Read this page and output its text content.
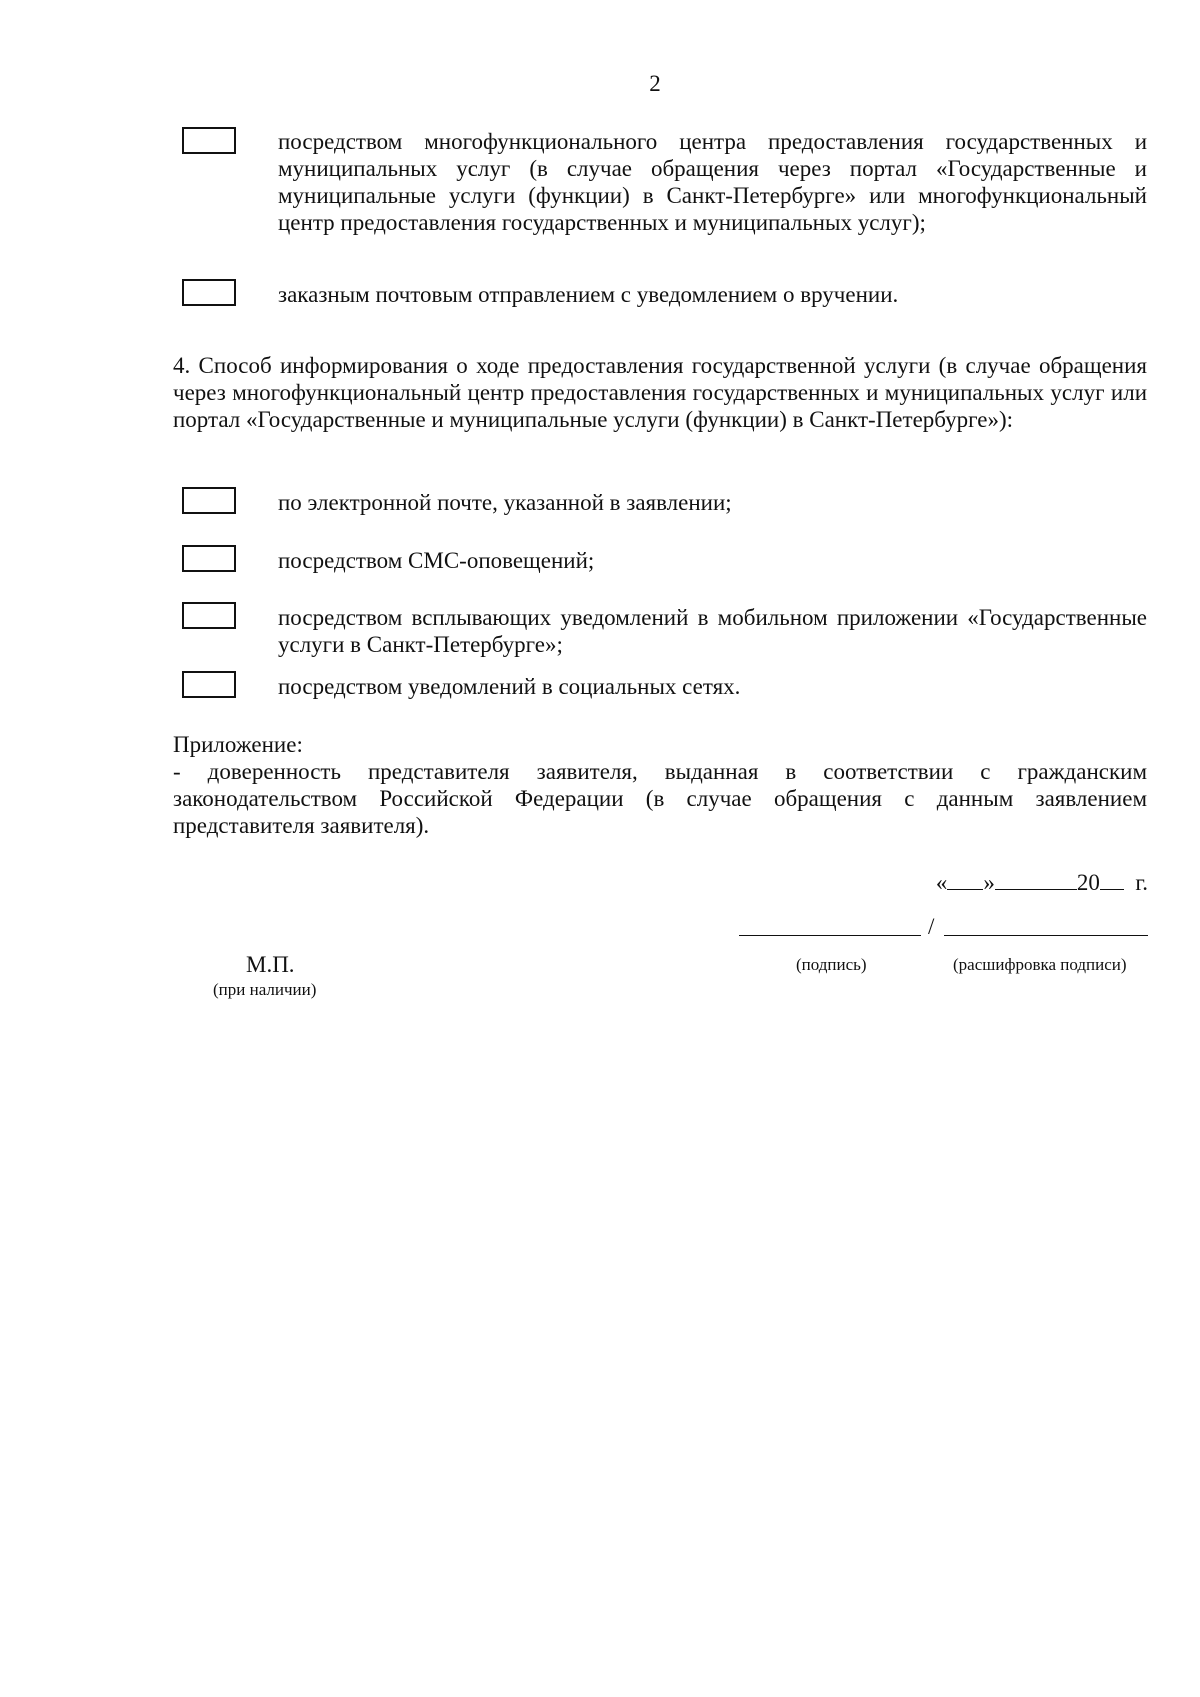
2
посредством многофункционального центра предоставления государственных и муниципальных услуг (в случае обращения через портал «Государственные и муниципальные услуги (функции) в Санкт-Петербурге» или многофункциональный центр предоставления государственных и муниципальных услуг);
заказным почтовым отправлением с уведомлением о вручении.
4. Способ информирования о ходе предоставления государственной услуги (в случае обращения через многофункциональный центр предоставления государственных и муниципальных услуг или портал «Государственные и муниципальные услуги (функции) в Санкт-Петербурге»):
по электронной почте, указанной в заявлении;
посредством СМС-оповещений;
посредством всплывающих уведомлений в мобильном приложении «Государственные услуги в Санкт-Петербурге»;
посредством уведомлений в социальных сетях.
Приложение:
- доверенность представителя заявителя, выданная в соответствии с гражданским законодательством Российской Федерации (в случае обращения с данным заявлением представителя заявителя).
« »	20 г.
/
(подпись)	(расшифровка подписи)
М.П.
(при наличии)
